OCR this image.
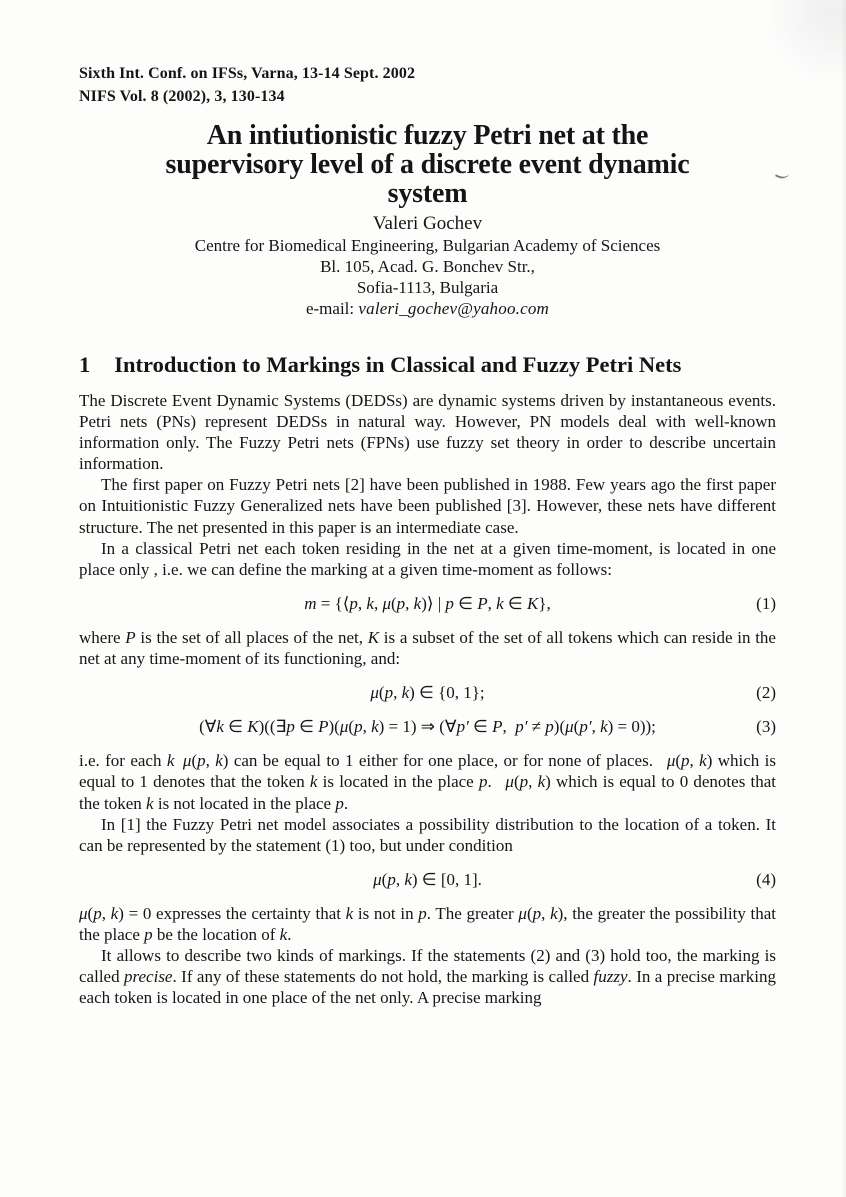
Sixth Int. Conf. on IFSs, Varna, 13-14 Sept. 2002
NIFS Vol. 8 (2002), 3, 130-134
An intiutionistic fuzzy Petri net at the
supervisory level of a discrete event dynamic
system
Valeri Gochev
Centre for Biomedical Engineering, Bulgarian Academy of Sciences
Bl. 105, Acad. G. Bonchev Str.,
Sofia-1113, Bulgaria
e-mail: valeri_gochev@yahoo.com
1 Introduction to Markings in Classical and Fuzzy Petri Nets

The Discrete Event Dynamic Systems (DEDSs) are dynamic systems driven by instantaneous events. Petri nets (PNs) represent DEDSs in natural way. However, PN models deal with well-known information only. The Fuzzy Petri nets (FPNs) use fuzzy set theory in order to describe uncertain information.

The first paper on Fuzzy Petri nets [2] have been published in 1988. Few years ago the first paper on Intuitionistic Fuzzy Generalized nets have been published [3]. However, these nets have different structure. The net presented in this paper is an intermediate case.

In a classical Petri net each token residing in the net at a given time-moment, is located in one place only , i.e. we can define the marking at a given time-moment as follows:

m = {⟨p, k, μ(p, k)⟩ | p ∈ P, k ∈ K},	(1)

where P is the set of all places of the net, K is a subset of the set of all tokens which can reside in the net at any time-moment of its functioning, and:

μ(p, k) ∈ {0, 1};	(2)
(∀k ∈ K)((∃p ∈ P)(μ(p, k) = 1) ⇒ (∀p′ ∈ P, p′ ≠ p)(μ(p′, k) = 0));	(3)

i.e. for each k  μ(p, k) can be equal to 1 either for one place, or for none of places.  μ(p, k) which is equal to 1 denotes that the token k is located in the place p.  μ(p, k) which is equal to 0 denotes that the token k is not located in the place p.

In [1] the Fuzzy Petri net model associates a possibility distribution to the location of a token. It can be represented by the statement (1) too, but under condition

μ(p, k) ∈ [0, 1].	(4)

μ(p, k) = 0 expresses the certainty that k is not in p. The greater μ(p, k), the greater the possibility that the place p be the location of k.

It allows to describe two kinds of markings. If the statements (2) and (3) hold too, the marking is called precise. If any of these statements do not hold, the marking is called fuzzy. In a precise marking each token is located in one place of the net only. A precise marking
